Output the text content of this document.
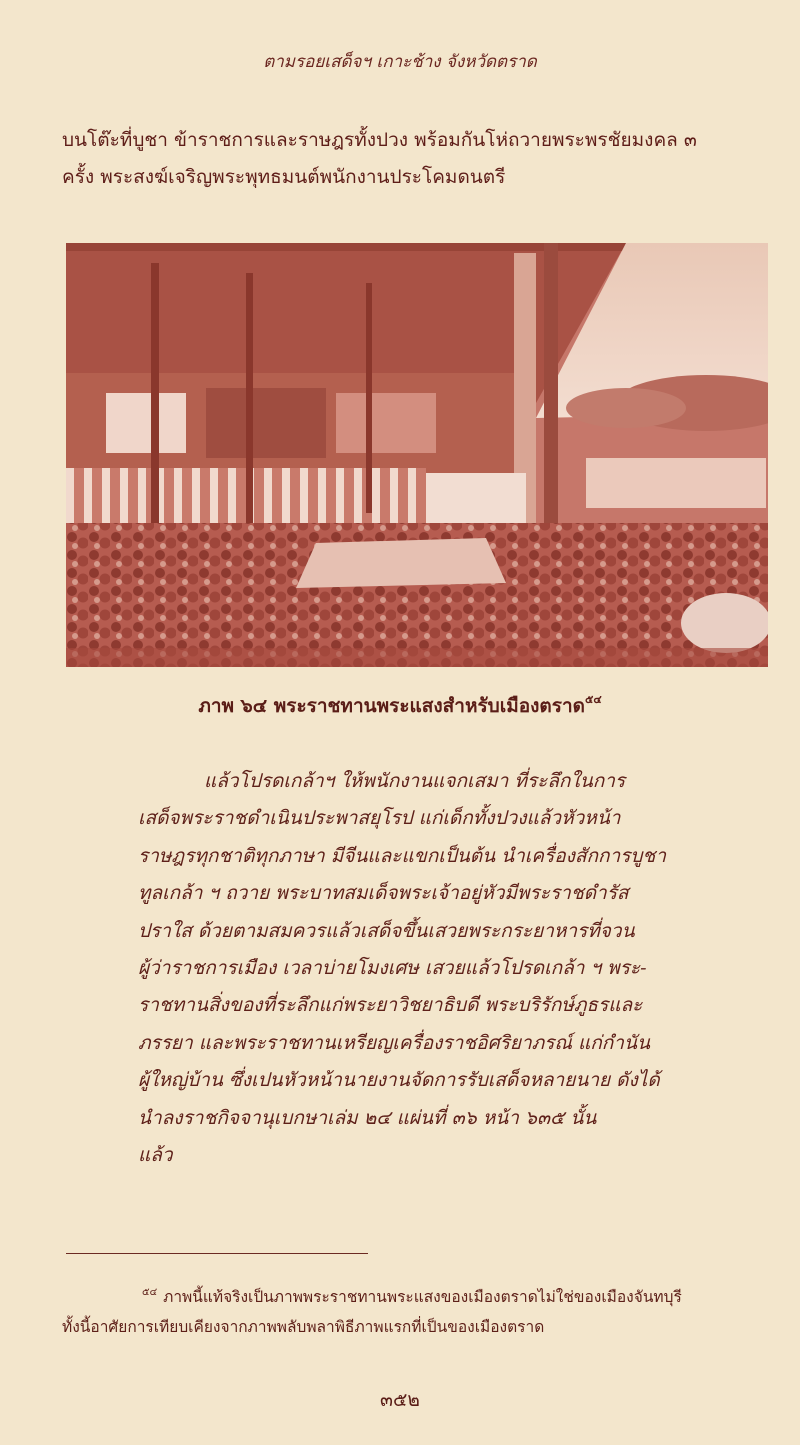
ตามรอยเสด็จฯ เกาะช้าง จังหวัดตราด
บนโต๊ะที่บูชา ข้าราชการและราษฎรทั้งปวง พร้อมกันโห่ถวายพระพรชัยมงคล ๓
ครั้ง พระสงฆ์เจริญพระพุทธมนต์พนักงานประโคมดนตรี
ภาพ ๖๔ พระราชทานพระแสงสำหรับเมืองตราด$^{๕๔}$
แล้วโปรดเกล้าฯ ให้พนักงานแจกเสมา ที่ระลึกในการ
เสด็จพระราชดำเนินประพาสยุโรป แก่เด็กทั้งปวงแล้วหัวหน้า
ราษฎรทุกชาติทุกภาษา มีจีนและแขกเป็นต้น นำเครื่องสักการบูชา
ทูลเกล้า ฯ ถวาย พระบาทสมเด็จพระเจ้าอยู่หัวมีพระราชดำรัส
ปราใส ด้วยตามสมควรแล้วเสด็จขึ้นเสวยพระกระยาหารที่จวน
ผู้ว่าราชการเมือง เวลาบ่ายโมงเศษ เสวยแล้วโปรดเกล้า ฯ พระ-
ราชทานสิ่งของที่ระลึกแก่พระยาวิชยาธิบดี พระบริรักษ์ภูธรและ
ภรรยา และพระราชทานเหรียญเครื่องราชอิศริยาภรณ์ แก่กำนัน
ผู้ใหญ่บ้าน ซึ่งเปนหัวหน้านายงานจัดการรับเสด็จหลายนาย ดังได้
นำลงราชกิจจานุเบกษาเล่ม ๒๔ แผ่นที่ ๓๖ หน้า ๖๓๕ นั้น
แล้ว
$^{๕๔}$ ภาพนี้แท้จริงเป็นภาพพระราชทานพระแสงของเมืองตราดไม่ใช่ของเมืองจันทบุรี
ทั้งนี้อาศัยการเทียบเคียงจากภาพพลับพลาพิธีภาพแรกที่เป็นของเมืองตราด
๓๕๒
